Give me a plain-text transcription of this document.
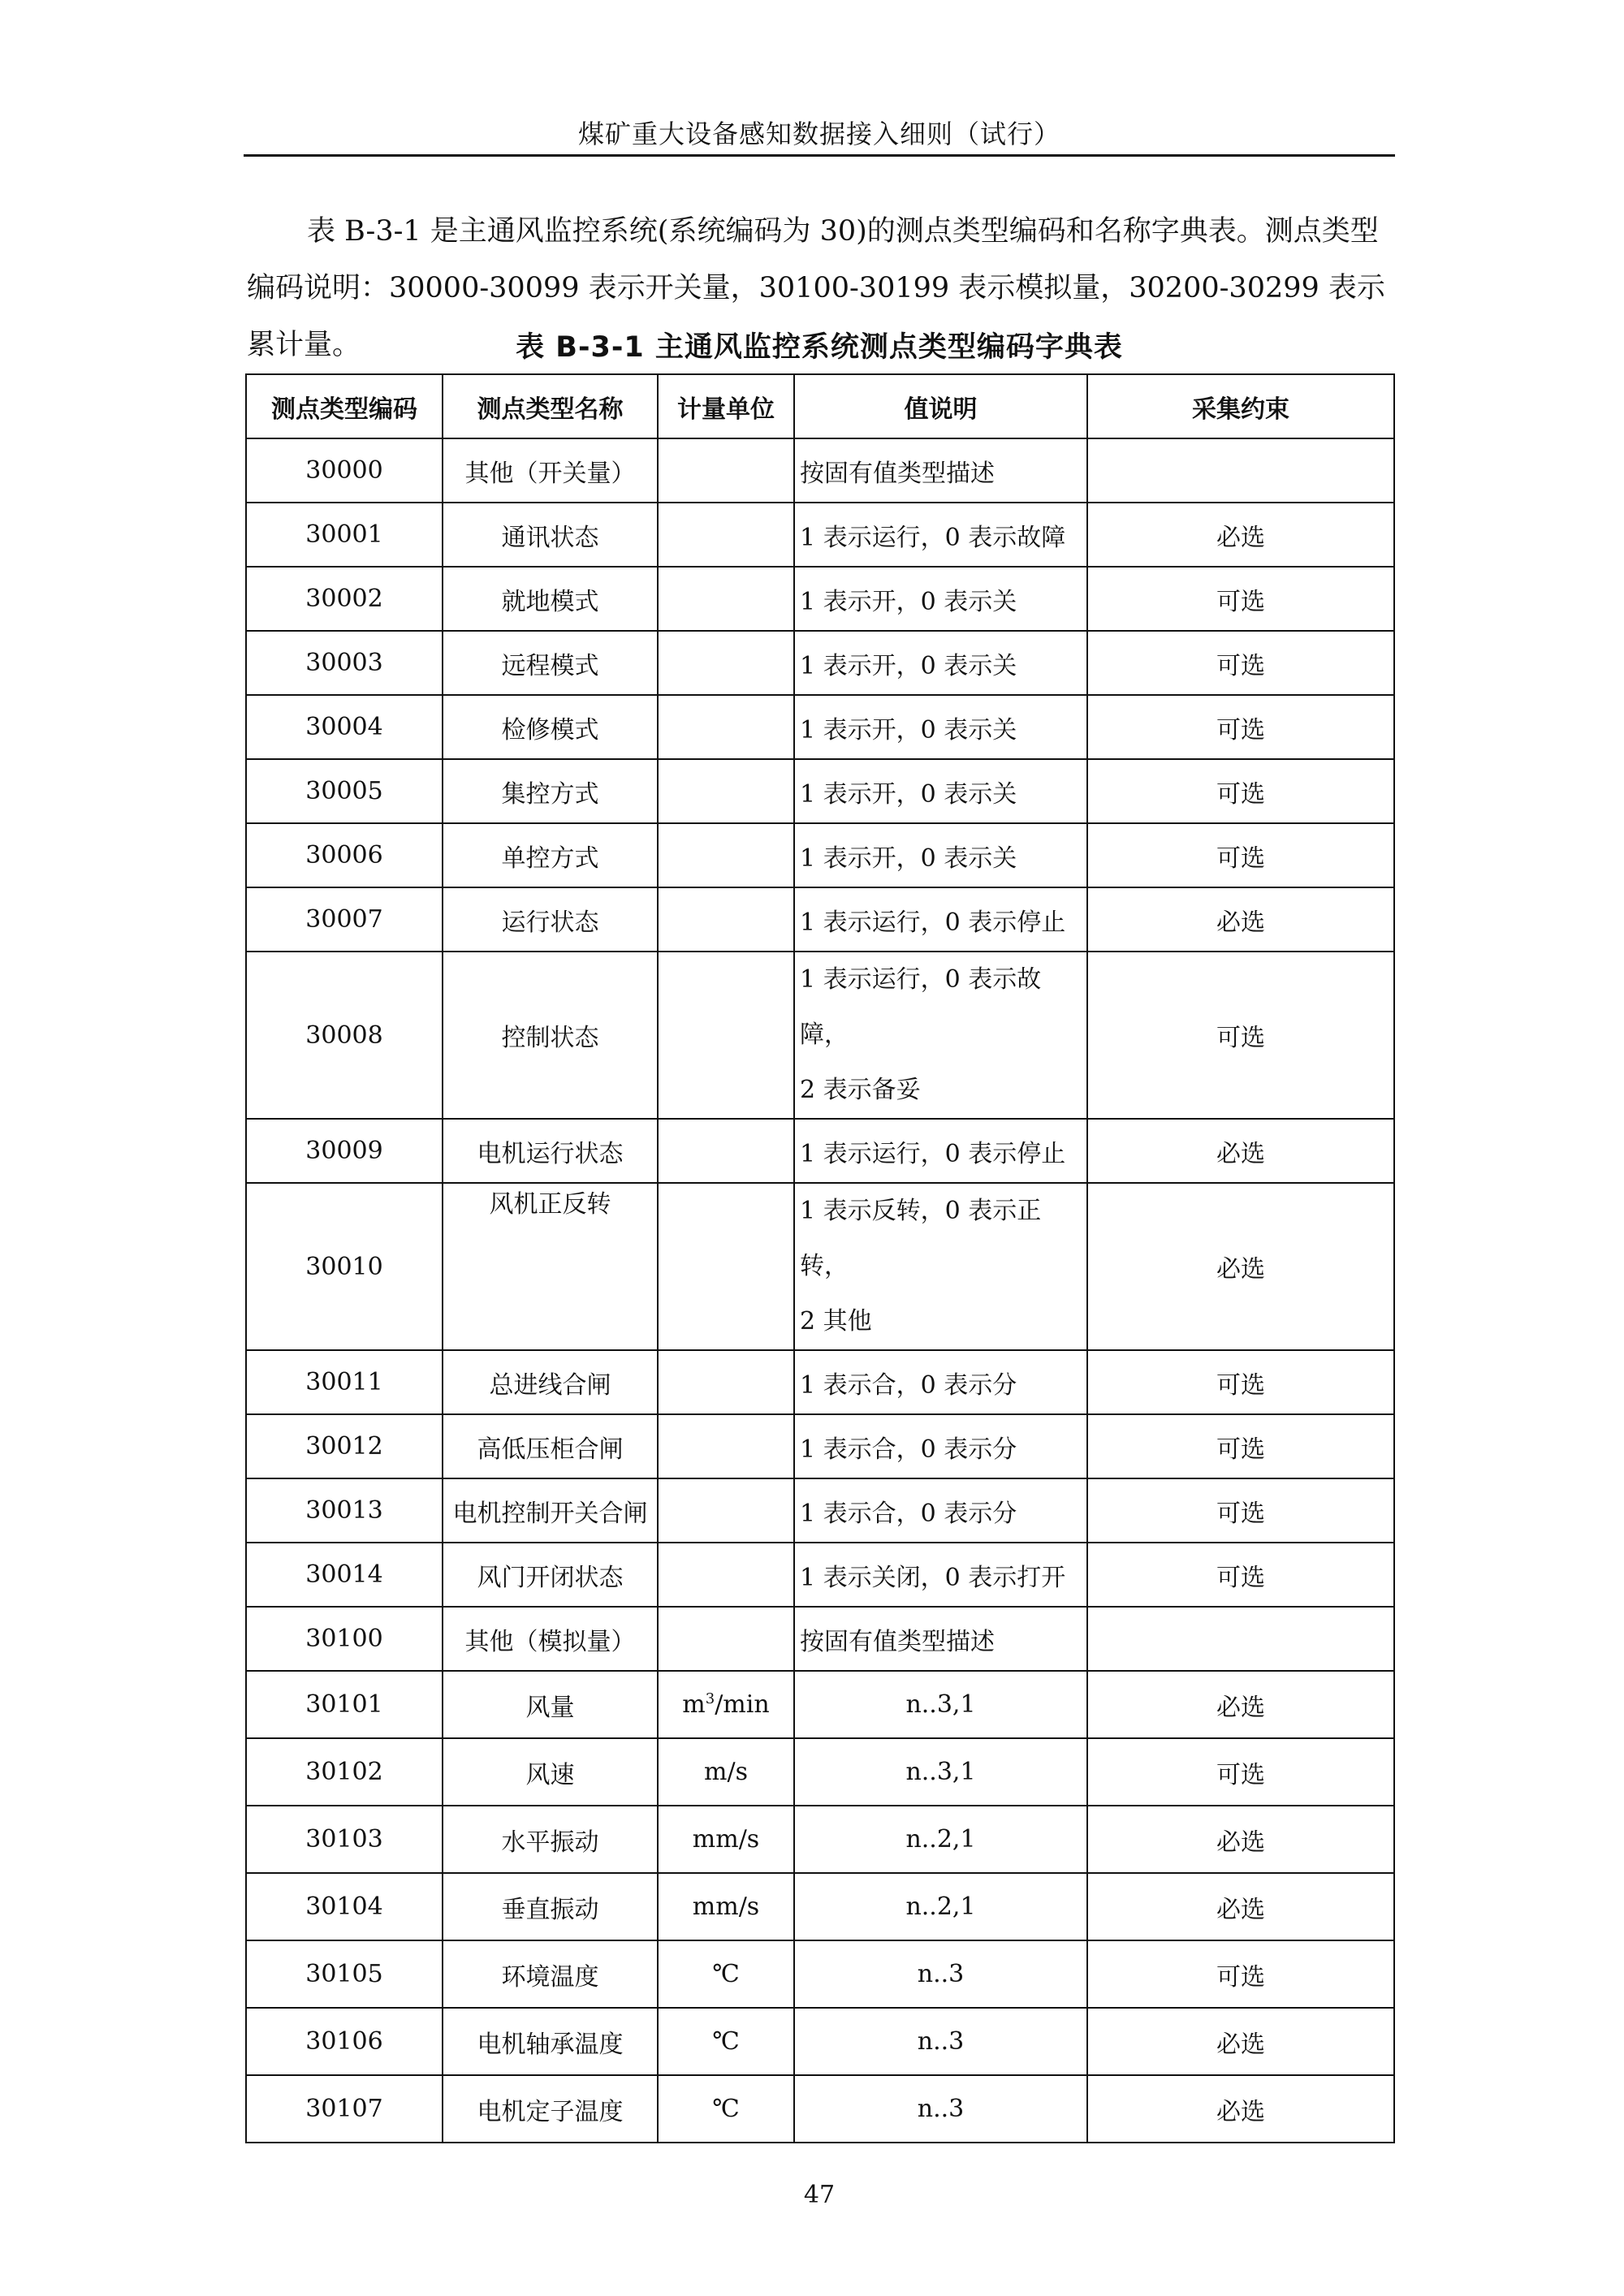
煤矿重大设备感知数据接入细则（试行）

表 B-3-1 是主通风监控系统(系统编码为 30)的测点类型编码和名称字典表。测点类型

编码说明：30000-30099 表示开关量，30100-30199 表示模拟量，30200-30299 表示累计量。	表 B-3-1 主通风监控系统测点类型编码字典表
测点类型编码	测点类型名称	计量单位	值说明	采集约束
30000	其他（开关量）		按固有值类型描述	
30001	通讯状态		1 表示运行，0 表示故障	必选
30002	就地模式		1 表示开，0 表示关	可选
30003	远程模式		1 表示开，0 表示关	可选
30004	检修模式		1 表示开，0 表示关	可选
30005	集控方式		1 表示开，0 表示关	可选
30006	单控方式		1 表示开，0 表示关	可选
30007	运行状态		1 表示运行，0 表示停止	必选
30008	控制状态		1 表示运行，0 表示故障，
2 表示备妥	可选
30009	电机运行状态		1 表示运行，0 表示停止	必选
30010	风机正反转		1 表示反转，0 表示正转，
2 其他	必选
30011	总进线合闸		1 表示合，0 表示分	可选
30012	高低压柜合闸		1 表示合，0 表示分	可选
30013	电机控制开关合闸		1 表示合，0 表示分	可选
30014	风门开闭状态		1 表示关闭，0 表示打开	可选
30100	其他（模拟量）		按固有值类型描述	
30101	风量	$m^3/\min$	n..3,1	必选
30102	风速	m/s	n..3,1	可选
30103	水平振动	mm/s	n..2,1	必选
30104	垂直振动	mm/s	n..2,1	必选
30105	环境温度	℃	n..3	可选
30106	电机轴承温度	℃	n..3	必选
30107	电机定子温度	℃	n..3	必选
47
